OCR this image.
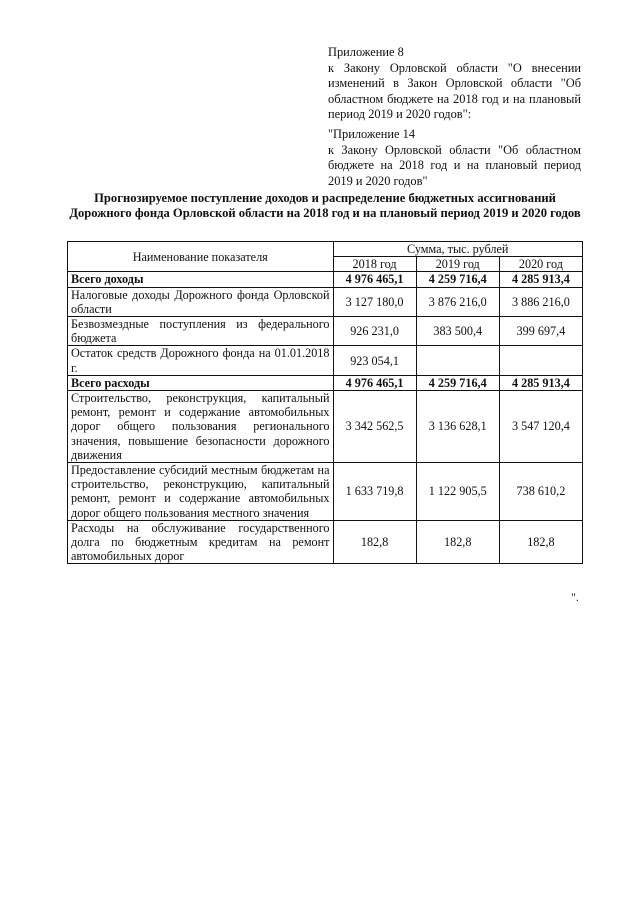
Приложение 8
к Закону Орловской области "О внесении изменений в Закон Орловской области "Об областном бюджете на 2018 год и на плановый период 2019 и 2020 годов":
"Приложение 14
к Закону Орловской области "Об областном бюджете на 2018 год и на плановый период 2019 и 2020 годов"
Прогнозируемое поступление доходов и распределение бюджетных ассигнований Дорожного фонда Орловской области на 2018 год и на плановый период 2019 и 2020 годов
Наименование показателя	Сумма, тыс. рублей		
	2018 год	2019 год	2020 год
Всего доходы	4 976 465,1	4 259 716,4	4 285 913,4
Налоговые доходы Дорожного фонда Орловской области	3 127 180,0	3 876 216,0	3 886 216,0
Безвозмездные поступления из федерального бюджета	926 231,0	383 500,4	399 697,4
Остаток средств Дорожного фонда на 01.01.2018 г.	923 054,1		
Всего расходы	4 976 465,1	4 259 716,4	4 285 913,4
Строительство, реконструкция, капитальный ремонт, ремонт и содержание автомобильных дорог общего пользования регионального значения, повышение безопасности дорожного движения	3 342 562,5	3 136 628,1	3 547 120,4
Предоставление субсидий местным бюджетам на строительство, реконструкцию, капитальный ремонт, ремонт и содержание автомобильных дорог общего пользования местного значения	1 633 719,8	1 122 905,5	738 610,2
Расходы на обслуживание государственного долга по бюджетным кредитам на ремонт автомобильных дорог	182,8	182,8	182,8
".
